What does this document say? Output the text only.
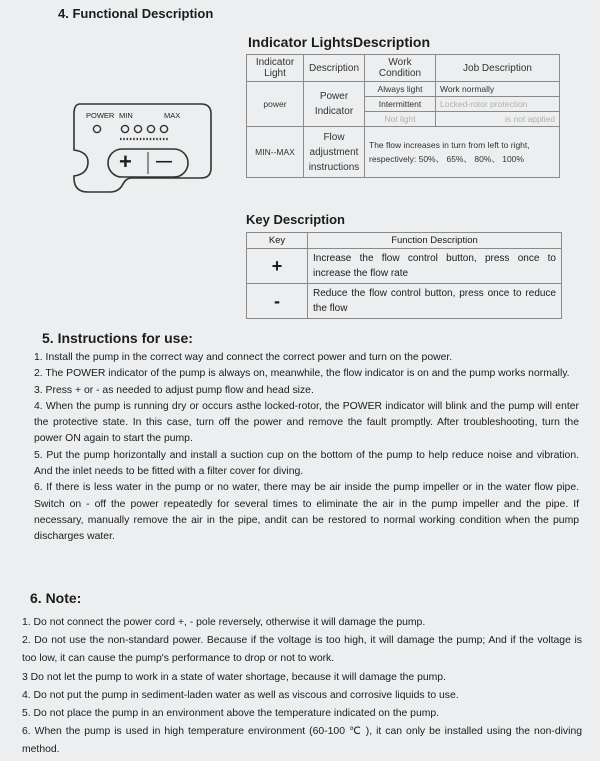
4. Functional Description
Indicator LightsDescription
POWER MIN	MAX
+ —
Indicator Light	Description	Work Condition	Job Description
power	Power Indicator	Always light	Work normally
		Intermittent	Locked-rotor protection
		Not light	is not applied
MIN--MAX	Flow adjustment instructions	The flow increases in turn from left to right, respectively: 50%、 65%、 80%、 100%	
Key Description
Key	Function Description
+	Increase the flow control button, press once to increase the flow rate
-	Reduce the flow control button, press once to reduce the flow
5. Instructions for use:

1. Install the pump in the correct way and connect the correct power and turn on the power.

2. The POWER indicator of the pump is always on, meanwhile, the flow indicator is on and the pump works normally.

3. Press + or - as needed to adjust pump flow and head size.

4. When the pump is running dry or occurs asthe locked-rotor, the POWER indicator will blink and the pump will enter the protective state. In this case, turn off the power and remove the fault promptly. After troubleshooting, turn the power ON again to start the pump.

5. Put the pump horizontally and install a suction cup on the bottom of the pump to help reduce noise and vibration. And the inlet needs to be fitted with a filter cover for diving.

6. If there is less water in the pump or no water, there may be air inside the pump impeller or in the water flow pipe. Switch on - off the power repeatedly for several times to eliminate the air in the pump impeller and the pipe. If necessary, manually remove the air in the pipe, andit can be restored to normal working condition when the pump discharges water.

6. Note:

1. Do not connect the power cord +, - pole reversely, otherwise it will damage the pump.

2. Do not use the non-standard power. Because if the voltage is too high, it will damage the pump; And if the voltage is too low, it can cause the pump's performance to drop or not to work.

3 Do not let the pump to work in a state of water shortage, because it will damage the pump.

4. Do not put the pump in sediment-laden water as well as viscous and corrosive liquids to use.

5. Do not place the pump in an environment above the temperature indicated on the pump.

6. When the pump is used in high temperature environment (60-100 ℃ ), it can only be installed using the non-diving method.
